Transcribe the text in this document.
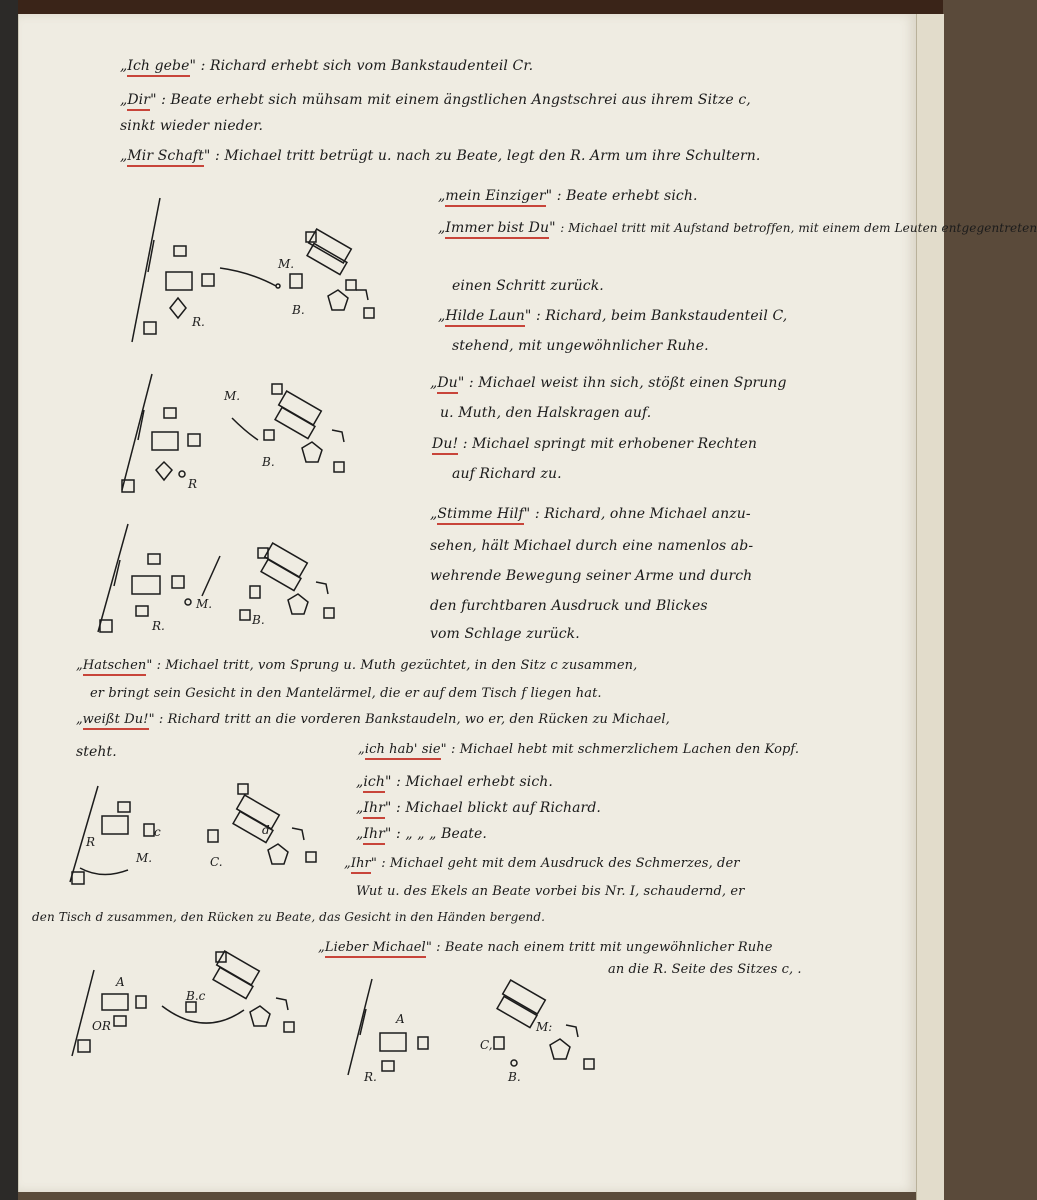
„Ich gebe" : Richard erhebt sich vom Bankstaudenteil Cr.
„Dir" : Beate erhebt sich mühsam mit einem ängstlichen Angstschrei aus ihrem Sitze c,
sinkt wieder nieder.
„Mir Schaft" : Michael tritt betrügt u. nach zu Beate, legt den R. Arm um ihre Schultern.
„mein Einziger" : Beate erhebt sich.
„Immer bist Du" : Michael tritt mit Aufstand betroffen, mit einem dem Leuten entgegentreten
einen Schritt zurück.
„Hilde Laun" : Richard, beim Bankstaudenteil C,
stehend, mit ungewöhnlicher Ruhe.
„Du" : Michael weist ihn sich, stößt einen Sprung
u. Muth, den Halskragen auf.
Du! : Michael springt mit erhobener Rechten
auf Richard zu.
„Stimme Hilf" : Richard, ohne Michael anzu-
sehen, hält Michael durch eine namenlos ab-
wehrende Bewegung seiner Arme und durch
den furchtbaren Ausdruck und Blickes
vom Schlage zurück.
„Hatschen" : Michael tritt, vom Sprung u. Muth gezüchtet, in den Sitz c zusammen,
er bringt sein Gesicht in den Mantelärmel, die er auf dem Tisch f liegen hat.
„weißt Du!" : Richard tritt an die vorderen Bankstaudeln, wo er, den Rücken zu Michael,
steht.	„ich hab' sie" : Michael hebt mit schmerzlichem Lachen den Kopf.
„ich" : Michael erhebt sich.
„Ihr" : Michael blickt auf Richard.
„Ihr" : „ „ „ Beate.
„Ihr" : Michael geht mit dem Ausdruck des Schmerzes, der
Wut u. des Ekels an Beate vorbei bis Nr. I, schaudernd, er
den Tisch d zusammen, den Rücken zu Beate, das Gesicht in den Händen bergend.
„Lieber Michael" : Beate nach einem tritt mit ungewöhnlicher Ruhe
an die R. Seite des Sitzes c, .
R.
M.
B.
R
M.
B.
R.
M.
B.
c
R
M.	C.
d
A
OR
B.c
A
R.
M:
C,
B.
